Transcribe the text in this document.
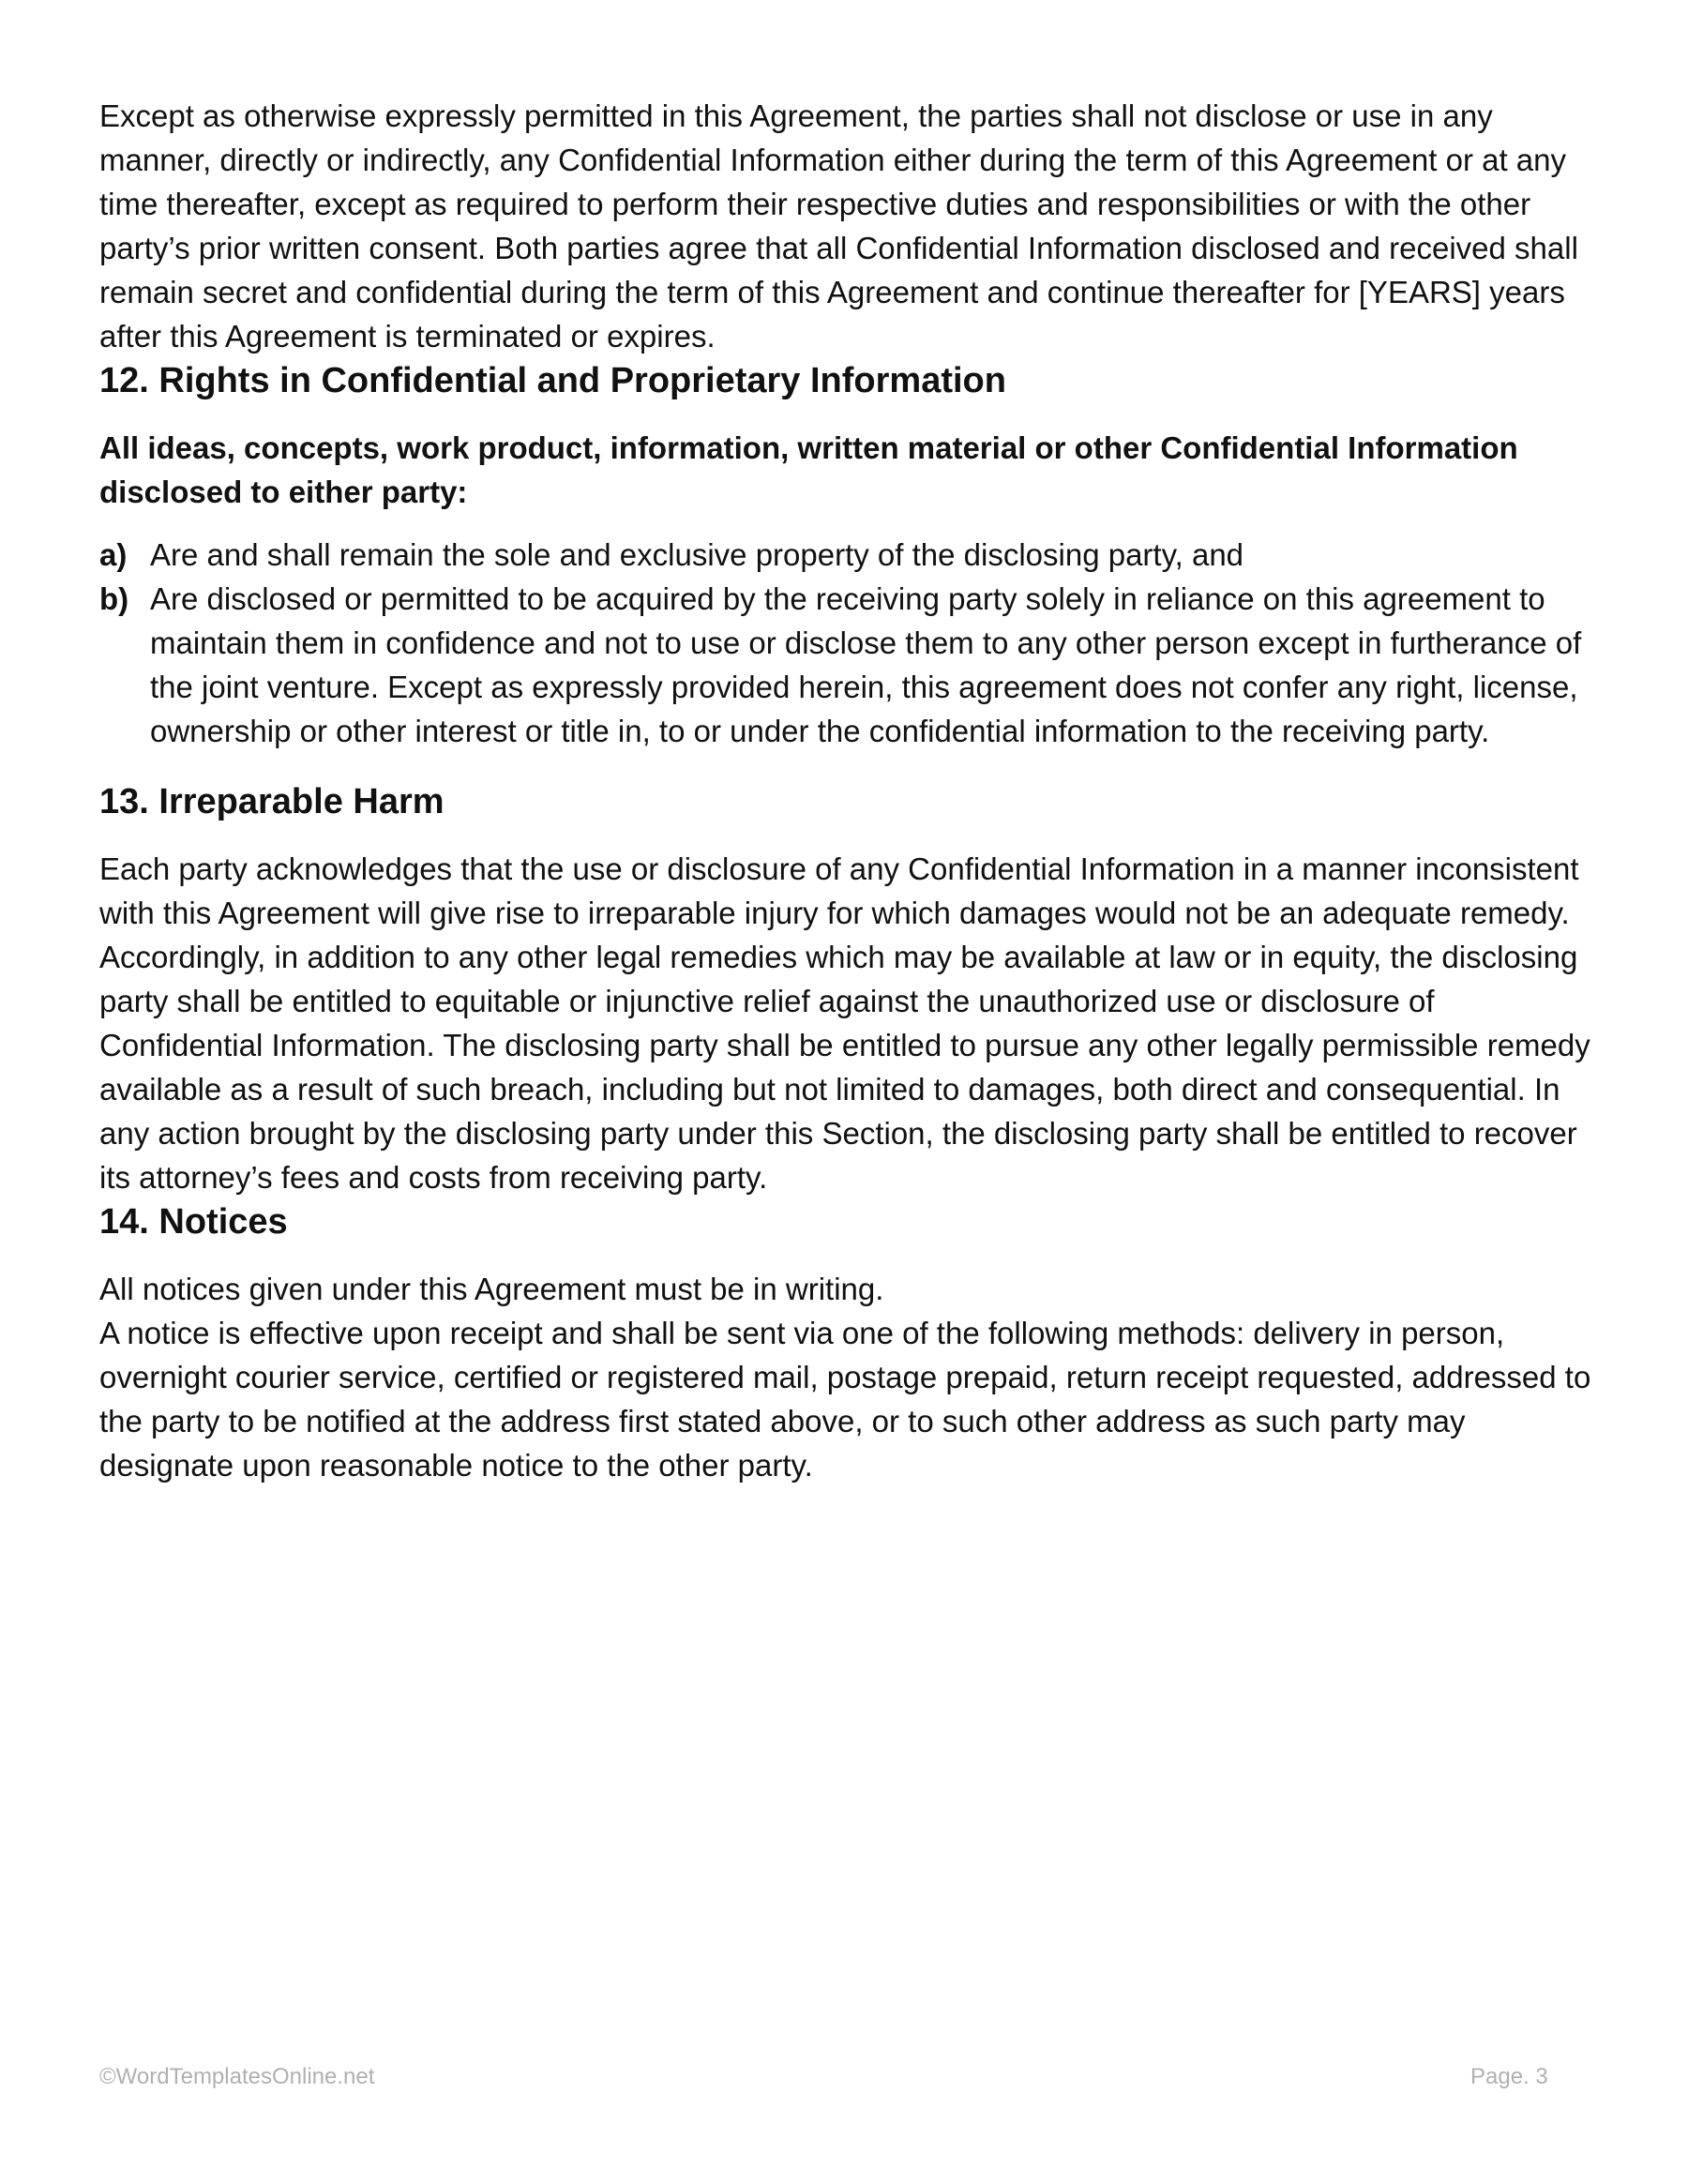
Except as otherwise expressly permitted in this Agreement, the parties shall not disclose or use in any manner, directly or indirectly, any Confidential Information either during the term of this Agreement or at any time thereafter, except as required to perform their respective duties and responsibilities or with the other party’s prior written consent. Both parties agree that all Confidential Information disclosed and received shall remain secret and confidential during the term of this Agreement and continue thereafter for [YEARS] years after this Agreement is terminated or expires.

12. Rights in Confidential and Proprietary Information

All ideas, concepts, work product, information, written material or other Confidential Information disclosed to either party:

a) Are and shall remain the sole and exclusive property of the disclosing party, and
b) Are disclosed or permitted to be acquired by the receiving party solely in reliance on this agreement to maintain them in confidence and not to use or disclose them to any other person except in furtherance of the joint venture. Except as expressly provided herein, this agreement does not confer any right, license, ownership or other interest or title in, to or under the confidential information to the receiving party.
13. Irreparable Harm

Each party acknowledges that the use or disclosure of any Confidential Information in a manner inconsistent with this Agreement will give rise to irreparable injury for which damages would not be an adequate remedy. Accordingly, in addition to any other legal remedies which may be available at law or in equity, the disclosing party shall be entitled to equitable or injunctive relief against the unauthorized use or disclosure of Confidential Information. The disclosing party shall be entitled to pursue any other legally permissible remedy available as a result of such breach, including but not limited to damages, both direct and consequential. In any action brought by the disclosing party under this Section, the disclosing party shall be entitled to recover its attorney’s fees and costs from receiving party.

14. Notices

All notices given under this Agreement must be in writing.

A notice is effective upon receipt and shall be sent via one of the following methods: delivery in person, overnight courier service, certified or registered mail, postage prepaid, return receipt requested, addressed to the party to be notified at the address first stated above, or to such other address as such party may designate upon reasonable notice to the other party.

©WordTemplatesOnline.net	Page. 3
